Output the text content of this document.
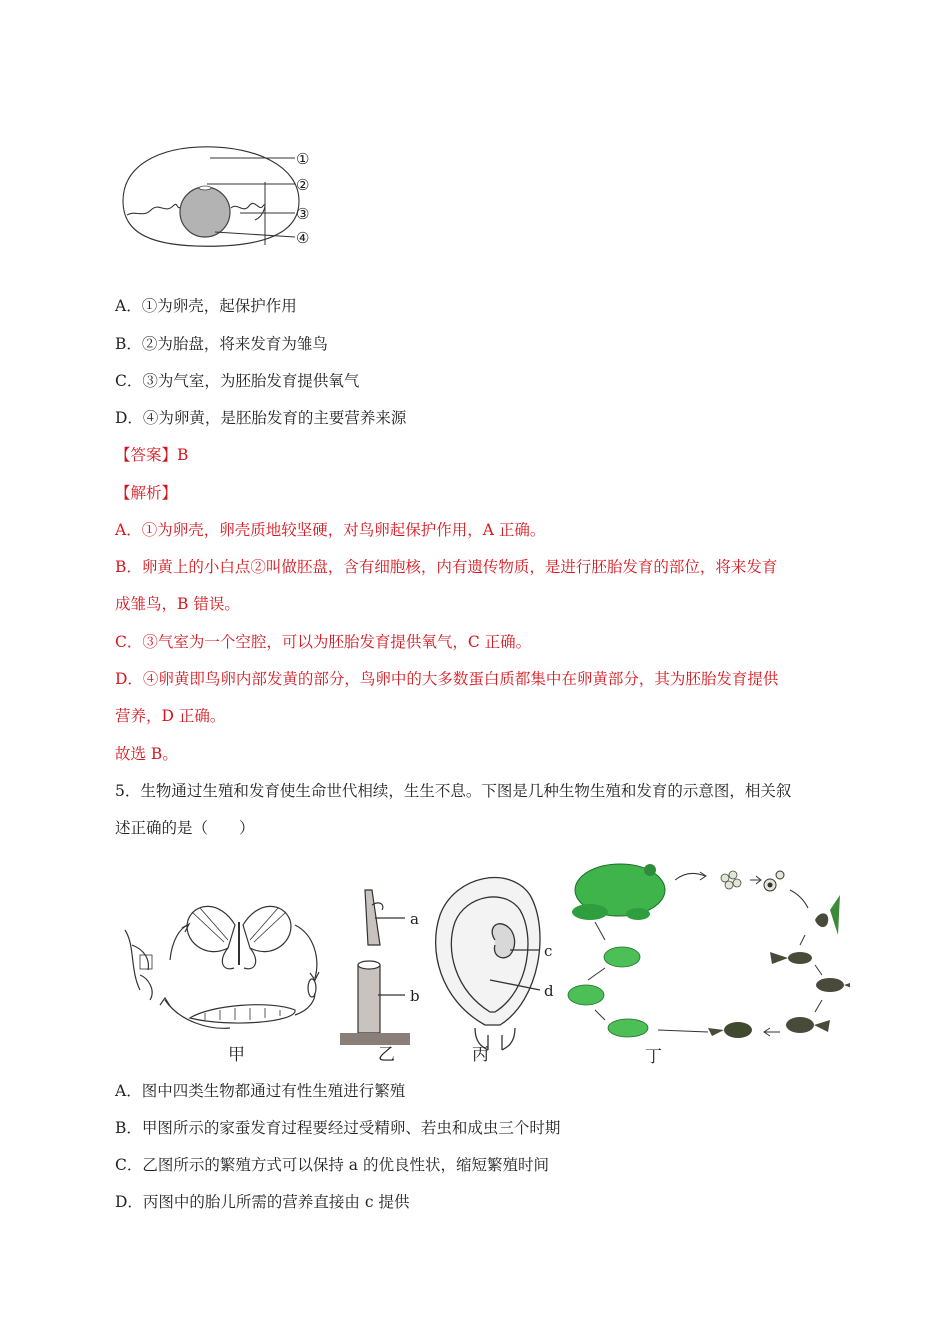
①
②
③
④
A．①为卵壳，起保护作用
B．②为胎盘，将来发育为雏鸟
C．③为气室，为胚胎发育提供氧气
D．④为卵黄，是胚胎发育的主要营养来源
【答案】B
【解析】
A．①为卵壳，卵壳质地较坚硬，对鸟卵起保护作用，A 正确。
B．卵黄上的小白点②叫做胚盘，含有细胞核，内有遗传物质，是进行胚胎发育的部位，将来发育
成雏鸟，B 错误。
C．③气室为一个空腔，可以为胚胎发育提供氧气，C 正确。
D．④卵黄即鸟卵内部发黄的部分，鸟卵中的大多数蛋白质都集中在卵黄部分，其为胚胎发育提供
营养，D 正确。
故选 B。
5．生物通过生殖和发育使生命世代相续，生生不息。下图是几种生物生殖和发育的示意图，相关叙
述正确的是（　　）
甲
a
b
乙
c
d
丙	丁
A．图中四类生物都通过有性生殖进行繁殖
B．甲图所示的家蚕发育过程要经过受精卵、若虫和成虫三个时期
C．乙图所示的繁殖方式可以保持 a 的优良性状，缩短繁殖时间
D．丙图中的胎儿所需的营养直接由 c 提供
